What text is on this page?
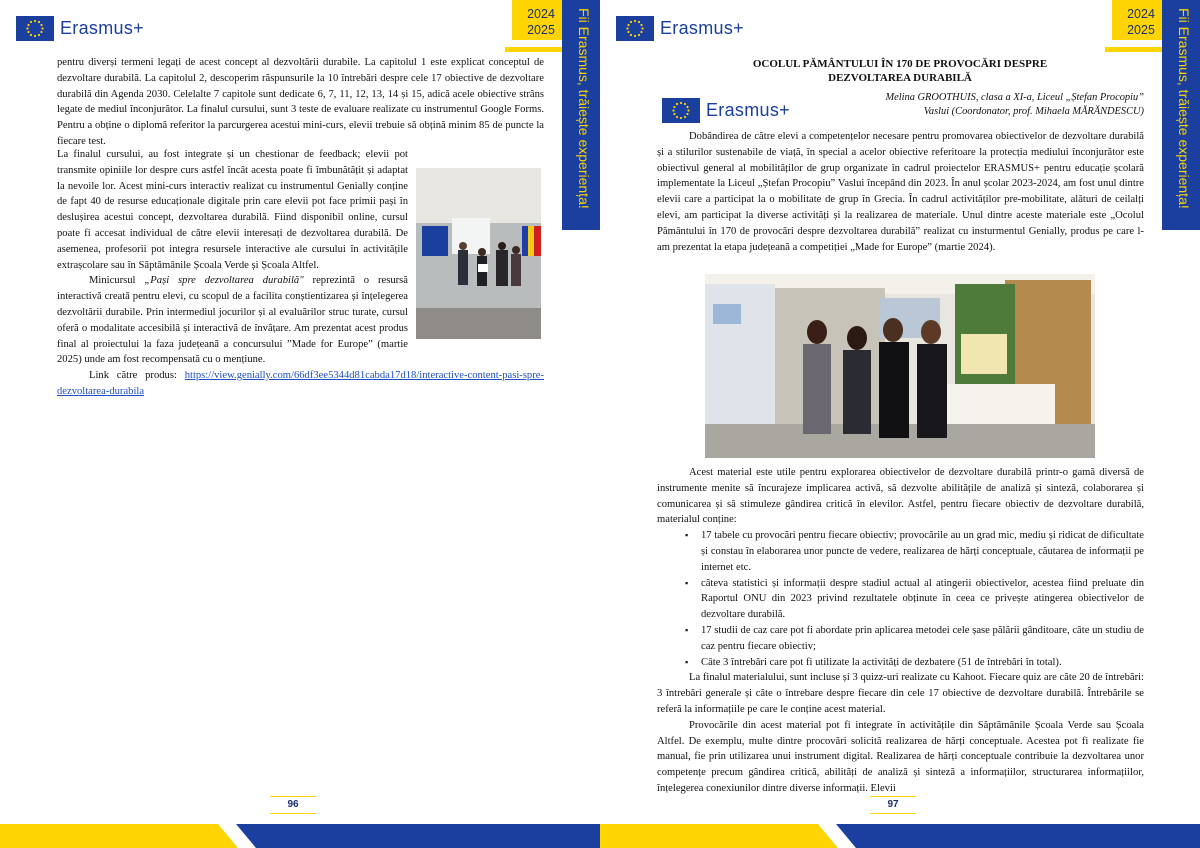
Erasmus+
2024
2025	Fii Erasmus, trăiește experiența!

pentru diverși termeni legați de acest concept al dezvoltării durabile. La capitolul 1 este explicat conceptul de dezvoltare durabilă. La capitolul 2, descoperim răspunsurile la 10 întrebări despre cele 17 obiective de dezvoltare durabilă din Agenda 2030. Celelalte 7 capitole sunt dedicate 6, 7, 11, 12, 13, 14 și 15, adică acele obiective strâns legate de mediul înconjurător. La finalul cursului, sunt 3 teste de evaluare realizate cu instrumentul Google Forms. Pentru a obține o diplomă referitor la parcurgerea acestui mini-curs, elevii trebuie să obțină minim 85 de puncte la fiecare test.

La finalul cursului, au fost integrate și un chestionar de feedback; elevii pot transmite opiniile lor despre curs astfel încât acesta poate fi îmbunătățit și adaptat la nevoile lor. Acest mini-curs interactiv realizat cu instrumentul Genially conține de fapt 40 de resurse educaționale digitale prin care elevii pot face primii pași în deslușirea acestui concept, dezvoltarea durabilă. Fiind disponibil online, cursul poate fi accesat individual de către elevii interesați de dezvoltarea durabilă. De asemenea, profesorii pot integra resursele interactive ale cursului în activitățile extrașcolare sau în Săptămânile Școala Verde și Școala Altfel.

Minicursul „Pași spre dezvoltarea durabilă" reprezintă o resursă interactivă creată pentru elevi, cu scopul de a facilita conștientizarea și înțelegerea dezvoltării durabile. Prin intermediul jocurilor și al evaluărilor struc turate, cursul oferă o modalitate accesibilă și interactivă de învățare. Am prezentat acest produs final al proiectului la faza județeană a concursului ”Made for Europe” (martie 2025) unde am fost recompensată cu o mențiune.

Link către produs: https://view.genially.com/66df3ee5344d81cabda17d18/interactive-content-pasi-spre-dezvoltarea-durabila

96
Erasmus+
2024
2025	Fii Erasmus, trăiește experiența!
OCOLUL PĂMÂNTULUI ÎN 170 DE PROVOCĂRI DESPRE DEZVOLTAREA DURABILĂ
Erasmus+
Melina GROOTHUIS, clasa a XI-a, Liceul „Ștefan Procopiu”
Vaslui (Coordonator, prof. Mihaela MĂRĂNDESCU)

Dobândirea de către elevi a competențelor necesare pentru promovarea obiectivelor de dezvoltare durabilă și a stilurilor sustenabile de viață, în special a acelor obiective referitoare la protecția mediului înconjurător este obiectivul general al mobilităților de grup organizate în cadrul proiectelor ERASMUS+ pentru educație școlară implementate la Liceul „Ștefan Procopiu” Vaslui începând din 2023. În anul școlar 2023-2024, am fost unul dintre elevii care a participat la o mobilitate de grup în Grecia. În cadrul activităților pre-mobilitate, alături de ceilalți elevi, am participat la diverse activități și la realizarea de materiale. Unul dintre aceste materiale este „Ocolul Pământului în 170 de provocări despre dezvoltarea durabilă” realizat cu insturmentul Genially, produs pe care l-am prezentat la etapa județeană a competiției „Made for Europe” (martie 2024).

Acest material este utile pentru explorarea obiectivelor de dezvoltare durabilă printr-o gamă diversă de instrumente menite să încurajeze implicarea activă, să dezvolte abilitățile de analiză și sinteză, colaborarea și comunicarea și să stimuleze gândirea critică în elevilor. Astfel, pentru fiecare obiectiv de dezvoltare durabilă, materialul conține:

▪ 17 tabele cu provocări pentru fiecare obiectiv; provocările au un grad mic, mediu și ridicat de dificultate și constau în elaborarea unor puncte de vedere, realizarea de hărți conceptuale, căutarea de informații pe internet etc.
▪ câteva statistici și informații despre stadiul actual al atingerii obiectivelor, acestea fiind preluate din Raportul ONU din 2023 privind rezultatele obținute în ceea ce privește atingerea obiectivelor de dezvoltare durabilă.
▪ 17 studii de caz care pot fi abordate prin aplicarea metodei cele șase pălării gânditoare, câte un studiu de caz pentru fiecare obiectiv;
▪ Câte 3 întrebări care pot fi utilizate la activități de dezbatere (51 de întrebări în total).

La finalul materialului, sunt incluse și 3 quizz-uri realizate cu Kahoot. Fiecare quiz are câte 20 de întrebări: 3 întrebări generale și câte o întrebare despre fiecare din cele 17 obiective de dezvoltare durabilă. Întrebările se referă la informațiile pe care le conține acest material.

Provocările din acest material pot fi integrate în activitățile din Săptămânile Școala Verde sau Școala Altfel. De exemplu, multe dintre procovări solicită realizarea de hărți conceptuale. Acestea pot fi realizate fie manual, fie prin utilizarea unui instrument digital. Realizarea de hărți conceptuale contribuie la dezvoltarea unor competențe precum gândirea critică, abilități de analiză și sinteză a informațiilor, structurarea informațiilor, înțelegerea conexiunilor dintre diverse informații. Elevii

97
